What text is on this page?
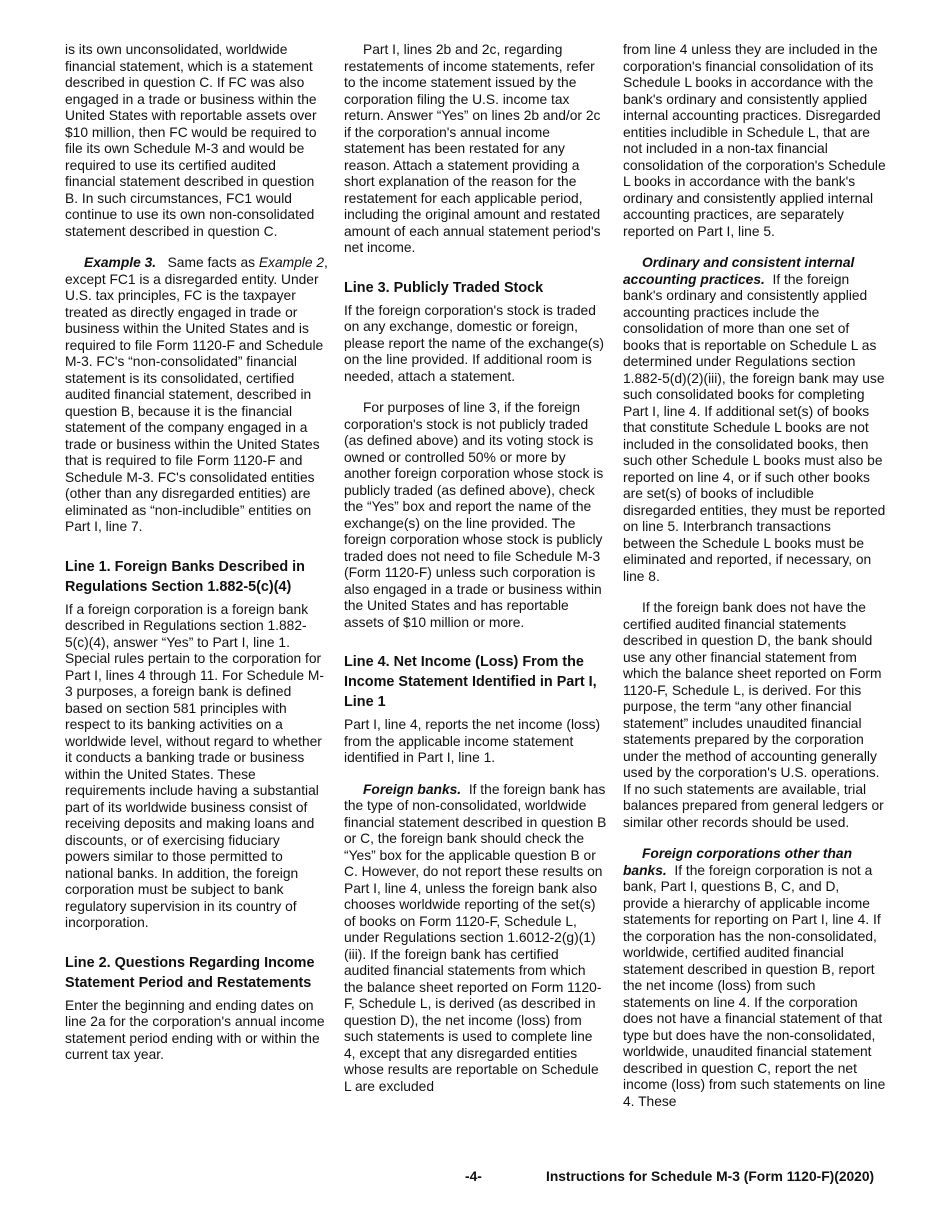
is its own unconsolidated, worldwide financial statement, which is a statement described in question C. If FC was also engaged in a trade or business within the United States with reportable assets over $10 million, then FC would be required to file its own Schedule M-3 and would be required to use its certified audited financial statement described in question B. In such circumstances, FC1 would continue to use its own non-consolidated statement described in question C.

Example 3. Same facts as Example 2, except FC1 is a disregarded entity. Under U.S. tax principles, FC is the taxpayer treated as directly engaged in trade or business within the United States and is required to file Form 1120-F and Schedule M-3. FC's “non-consolidated” financial statement is its consolidated, certified audited financial statement, described in question B, because it is the financial statement of the company engaged in a trade or business within the United States that is required to file Form 1120-F and Schedule M-3. FC's consolidated entities (other than any disregarded entities) are eliminated as “non-includible” entities on Part I, line 7.

Line 1. Foreign Banks Described in Regulations Section 1.882-5(c)(4)

If a foreign corporation is a foreign bank described in Regulations section 1.882-5(c)(4), answer “Yes” to Part I, line 1. Special rules pertain to the corporation for Part I, lines 4 through 11. For Schedule M-3 purposes, a foreign bank is defined based on section 581 principles with respect to its banking activities on a worldwide level, without regard to whether it conducts a banking trade or business within the United States. These requirements include having a substantial part of its worldwide business consist of receiving deposits and making loans and discounts, or of exercising fiduciary powers similar to those permitted to national banks. In addition, the foreign corporation must be subject to bank regulatory supervision in its country of incorporation.

Line 2. Questions Regarding Income Statement Period and Restatements

Enter the beginning and ending dates on line 2a for the corporation's annual income statement period ending with or within the current tax year.

Part I, lines 2b and 2c, regarding restatements of income statements, refer to the income statement issued by the corporation filing the U.S. income tax return. Answer “Yes” on lines 2b and/or 2c if the corporation's annual income statement has been restated for any reason. Attach a statement providing a short explanation of the reason for the restatement for each applicable period, including the original amount and restated amount of each annual statement period's net income.

Line 3. Publicly Traded Stock

If the foreign corporation's stock is traded on any exchange, domestic or foreign, please report the name of the exchange(s) on the line provided. If additional room is needed, attach a statement.

For purposes of line 3, if the foreign corporation's stock is not publicly traded (as defined above) and its voting stock is owned or controlled 50% or more by another foreign corporation whose stock is publicly traded (as defined above), check the “Yes” box and report the name of the exchange(s) on the line provided. The foreign corporation whose stock is publicly traded does not need to file Schedule M-3 (Form 1120-F) unless such corporation is also engaged in a trade or business within the United States and has reportable assets of $10 million or more.

Line 4. Net Income (Loss) From the Income Statement Identified in Part I, Line 1

Part I, line 4, reports the net income (loss) from the applicable income statement identified in Part I, line 1.

Foreign banks. If the foreign bank has the type of non-consolidated, worldwide financial statement described in question B or C, the foreign bank should check the “Yes” box for the applicable question B or C. However, do not report these results on Part I, line 4, unless the foreign bank also chooses worldwide reporting of the set(s) of books on Form 1120-F, Schedule L, under Regulations section 1.6012-2(g)(1)(iii). If the foreign bank has certified audited financial statements from which the balance sheet reported on Form 1120-F, Schedule L, is derived (as described in question D), the net income (loss) from such statements is used to complete line 4, except that any disregarded entities whose results are reportable on Schedule L are excluded

from line 4 unless they are included in the corporation's financial consolidation of its Schedule L books in accordance with the bank's ordinary and consistently applied internal accounting practices. Disregarded entities includible in Schedule L, that are not included in a non-tax financial consolidation of the corporation's Schedule L books in accordance with the bank's ordinary and consistently applied internal accounting practices, are separately reported on Part I, line 5.

Ordinary and consistent internal accounting practices. If the foreign bank's ordinary and consistently applied accounting practices include the consolidation of more than one set of books that is reportable on Schedule L as determined under Regulations section 1.882-5(d)(2)(iii), the foreign bank may use such consolidated books for completing Part I, line 4. If additional set(s) of books that constitute Schedule L books are not included in the consolidated books, then such other Schedule L books must also be reported on line 4, or if such other books are set(s) of books of includible disregarded entities, they must be reported on line 5. Interbranch transactions between the Schedule L books must be eliminated and reported, if necessary, on line 8.

If the foreign bank does not have the certified audited financial statements described in question D, the bank should use any other financial statement from which the balance sheet reported on Form 1120-F, Schedule L, is derived. For this purpose, the term “any other financial statement” includes unaudited financial statements prepared by the corporation under the method of accounting generally used by the corporation's U.S. operations. If no such statements are available, trial balances prepared from general ledgers or similar other records should be used.

Foreign corporations other than banks. If the foreign corporation is not a bank, Part I, questions B, C, and D, provide a hierarchy of applicable income statements for reporting on Part I, line 4. If the corporation has the non-consolidated, worldwide, certified audited financial statement described in question B, report the net income (loss) from such statements on line 4. If the corporation does not have a financial statement of that type but does have the non-consolidated, worldwide, unaudited financial statement described in question C, report the net income (loss) from such statements on line 4. These

-4-	Instructions for Schedule M-3 (Form 1120-F)(2020)
